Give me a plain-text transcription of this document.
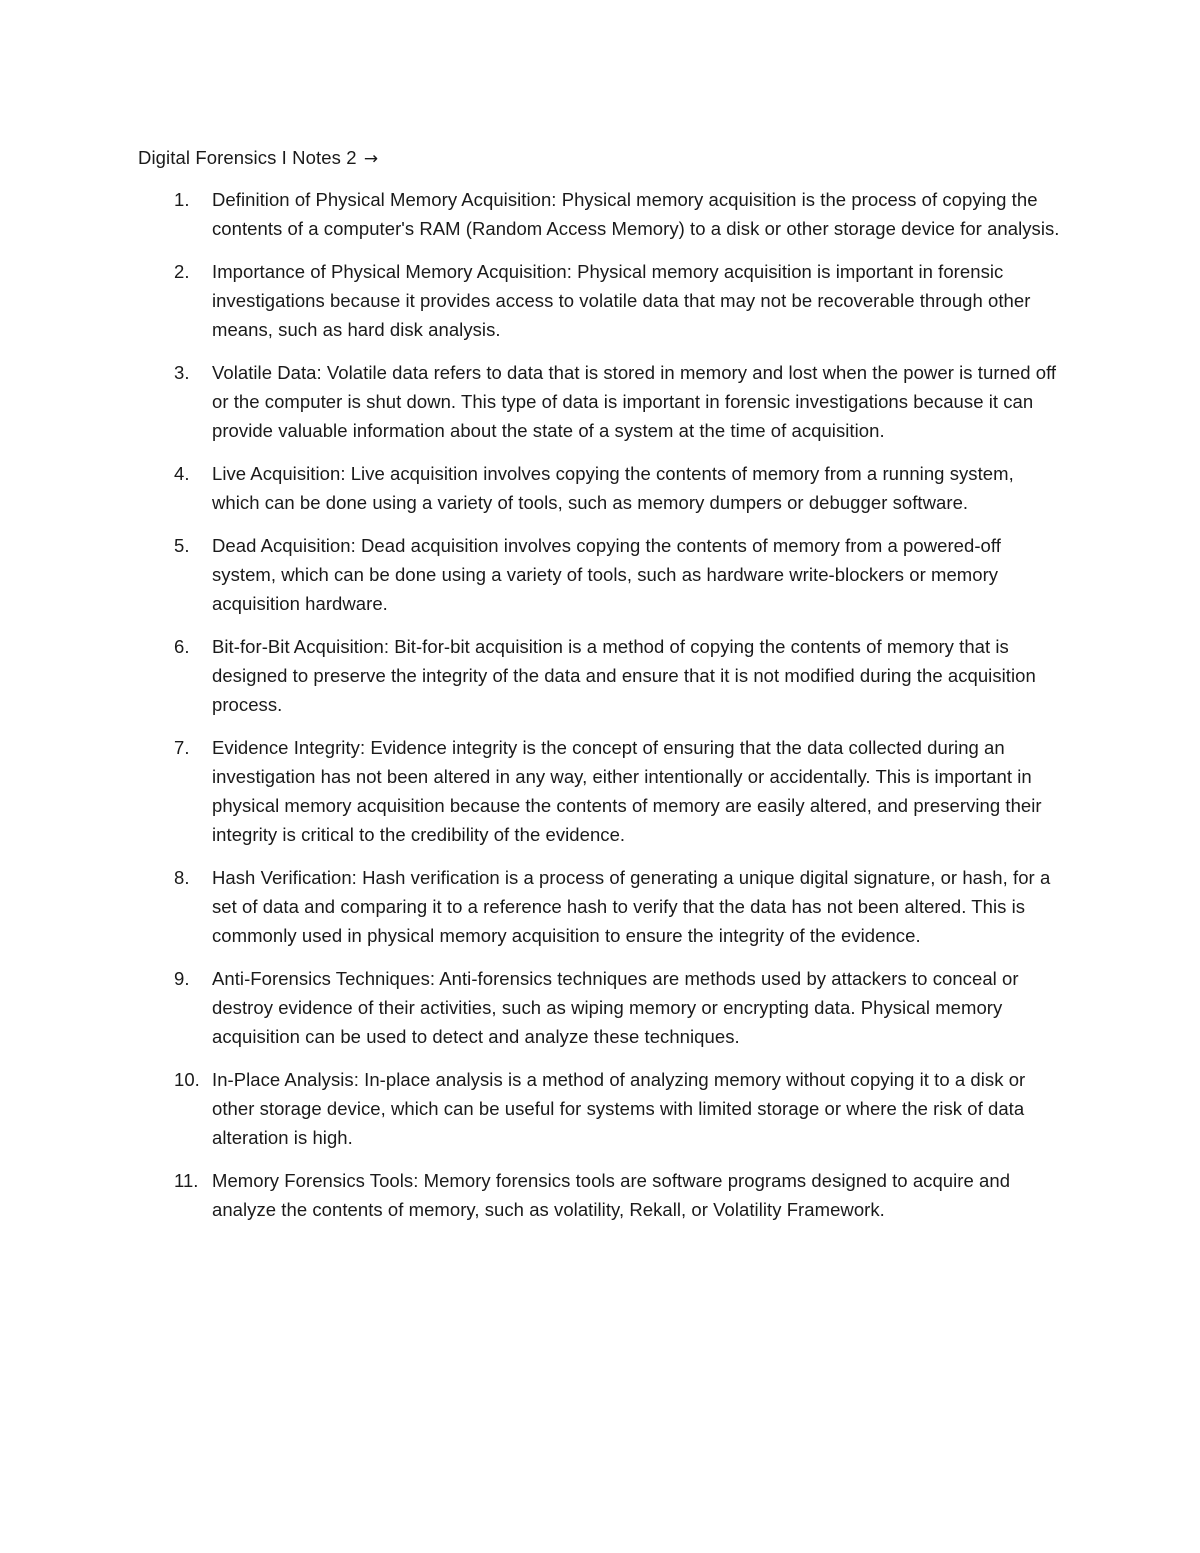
Digital Forensics I Notes 2 →
1. Definition of Physical Memory Acquisition: Physical memory acquisition is the process of copying the contents of a computer's RAM (Random Access Memory) to a disk or other storage device for analysis.
2. Importance of Physical Memory Acquisition: Physical memory acquisition is important in forensic investigations because it provides access to volatile data that may not be recoverable through other means, such as hard disk analysis.
3. Volatile Data: Volatile data refers to data that is stored in memory and lost when the power is turned off or the computer is shut down. This type of data is important in forensic investigations because it can provide valuable information about the state of a system at the time of acquisition.
4. Live Acquisition: Live acquisition involves copying the contents of memory from a running system, which can be done using a variety of tools, such as memory dumpers or debugger software.
5. Dead Acquisition: Dead acquisition involves copying the contents of memory from a powered-off system, which can be done using a variety of tools, such as hardware write-blockers or memory acquisition hardware.
6. Bit-for-Bit Acquisition: Bit-for-bit acquisition is a method of copying the contents of memory that is designed to preserve the integrity of the data and ensure that it is not modified during the acquisition process.
7. Evidence Integrity: Evidence integrity is the concept of ensuring that the data collected during an investigation has not been altered in any way, either intentionally or accidentally. This is important in physical memory acquisition because the contents of memory are easily altered, and preserving their integrity is critical to the credibility of the evidence.
8. Hash Verification: Hash verification is a process of generating a unique digital signature, or hash, for a set of data and comparing it to a reference hash to verify that the data has not been altered. This is commonly used in physical memory acquisition to ensure the integrity of the evidence.
9. Anti-Forensics Techniques: Anti-forensics techniques are methods used by attackers to conceal or destroy evidence of their activities, such as wiping memory or encrypting data. Physical memory acquisition can be used to detect and analyze these techniques.
10. In-Place Analysis: In-place analysis is a method of analyzing memory without copying it to a disk or other storage device, which can be useful for systems with limited storage or where the risk of data alteration is high.
11. Memory Forensics Tools: Memory forensics tools are software programs designed to acquire and analyze the contents of memory, such as volatility, Rekall, or Volatility Framework.
